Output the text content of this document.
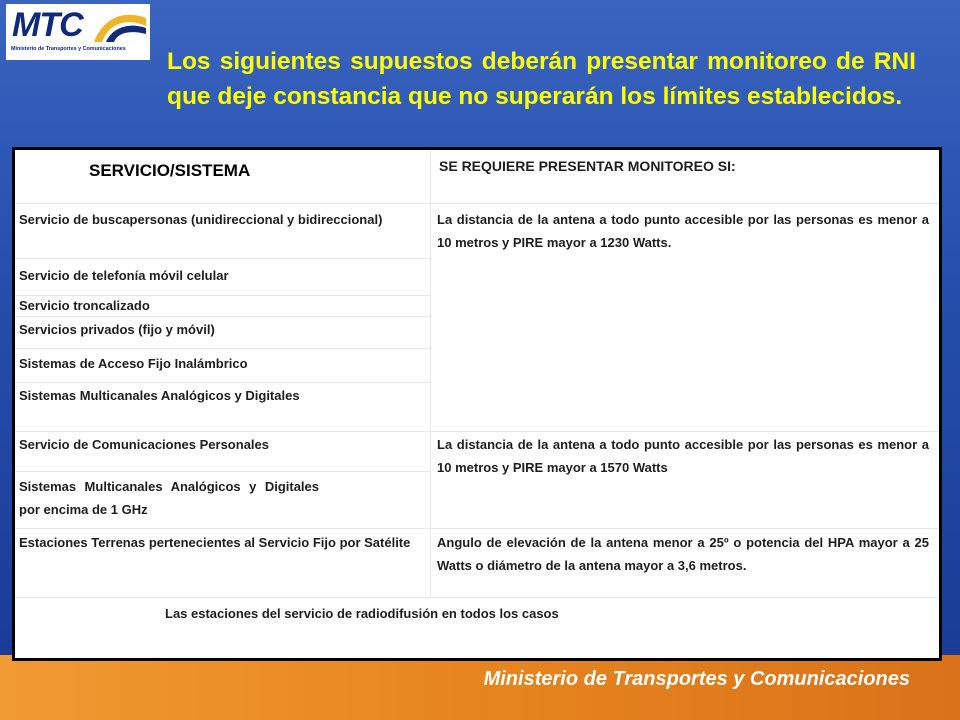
MTC
Ministerio de Transportes y Comunicaciones	Los siguientes supuestos deberán presentar monitoreo de RNI que deje constancia que no superarán los límites establecidos.
SERVICIO/SISTEMA	SE REQUIERE PRESENTAR MONITOREO SI:
Servicio de buscapersonas (unidireccional y bidireccional)
Servicio de telefonía móvil celular
Servicio troncalizado
Servicios privados (fijo y móvil)
Sistemas de Acceso Fijo Inalámbrico
Sistemas Multicanales Analógicos y Digitales
Servicio de Comunicaciones Personales
Sistemas Multicanales Analógicos y Digitales por encima de 1 GHz
Estaciones Terrenas pertenecientes al Servicio Fijo por Satélite
La distancia de la antena a todo punto accesible por las personas es menor a 10 metros y PIRE mayor a 1230 Watts.
La distancia de la antena a todo punto accesible por las personas es menor a 10 metros y PIRE mayor a 1570 Watts
Angulo de elevación de la antena menor a 25º o potencia del HPA mayor a 25 Watts o diámetro de la antena mayor a 3,6 metros.
Las estaciones del servicio de radiodifusión en todos los casos
Ministerio de Transportes y Comunicaciones
